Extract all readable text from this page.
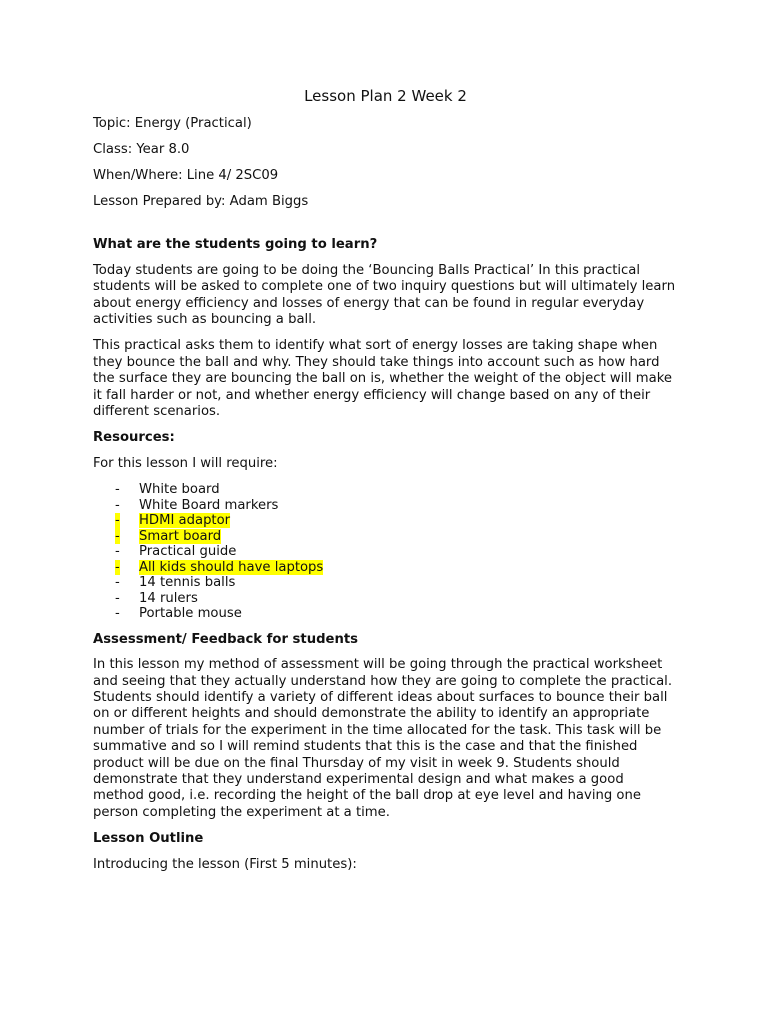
Lesson Plan 2 Week 2
Topic: Energy (Practical)
Class: Year 8.0
When/Where: Line 4/ 2SC09
Lesson Prepared by: Adam Biggs
What are the students going to learn?

Today students are going to be doing the ‘Bouncing Balls Practical’ In this practical students will be asked to complete one of two inquiry questions but will ultimately learn about energy efficiency and losses of energy that can be found in regular everyday activities such as bouncing a ball.

This practical asks them to identify what sort of energy losses are taking shape when they bounce the ball and why. They should take things into account such as how hard the surface they are bouncing the ball on is, whether the weight of the object will make it fall harder or not, and whether energy efficiency will change based on any of their different scenarios.

Resources:

For this lesson I will require:

- White board
- White Board markers
- HDMI adaptor
- Smart board
- Practical guide
- All kids should have laptops
- 14 tennis balls
- 14 rulers
- Portable mouse
Assessment/ Feedback for students

In this lesson my method of assessment will be going through the practical worksheet and seeing that they actually understand how they are going to complete the practical. Students should identify a variety of different ideas about surfaces to bounce their ball on or different heights and should demonstrate the ability to identify an appropriate number of trials for the experiment in the time allocated for the task. This task will be summative and so I will remind students that this is the case and that the finished product will be due on the final Thursday of my visit in week 9. Students should demonstrate that they understand experimental design and what makes a good method good, i.e. recording the height of the ball drop at eye level and having one person completing the experiment at a time.

Lesson Outline

Introducing the lesson (First 5 minutes):
